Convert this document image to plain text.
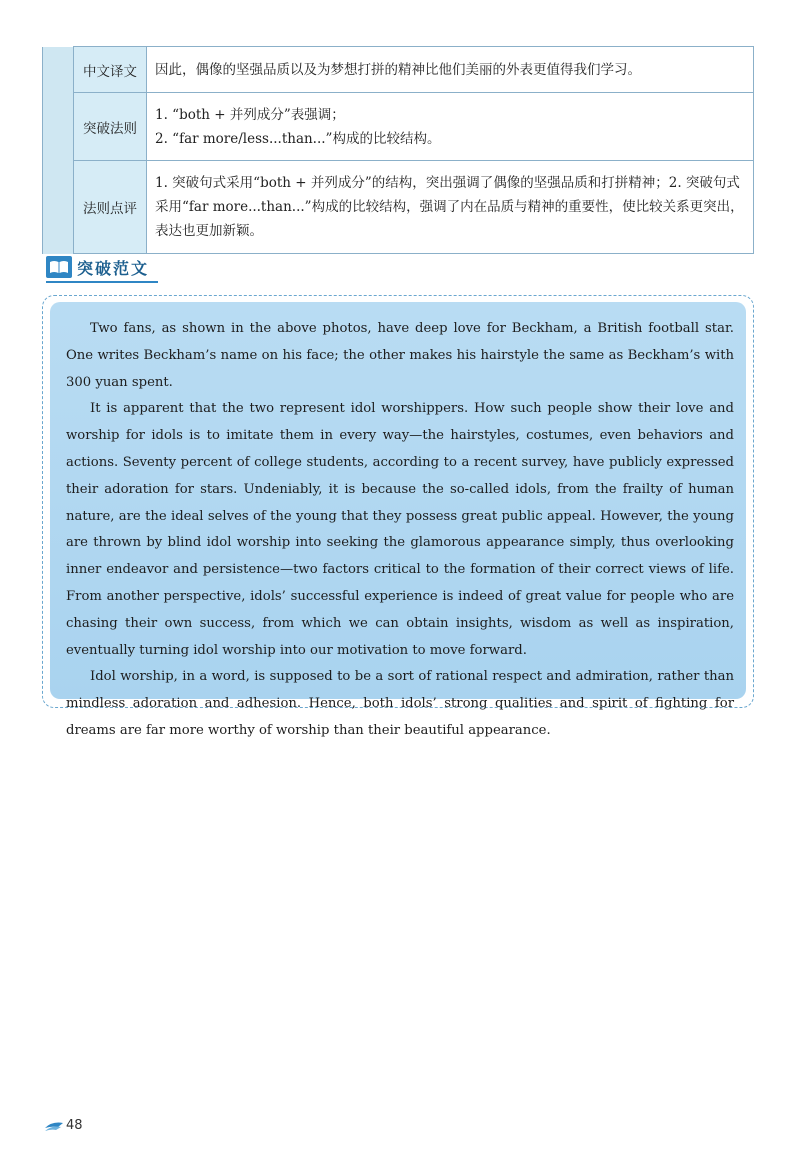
	中文译文	因此，偶像的坚强品质以及为梦想打拼的精神比他们美丽的外表更值得我们学习。

	突破法则	1. “both + 并列成分”表强调；
2. “far more/less...than...”构成的比较结构。

	法则点评	1. 突破句式采用“both + 并列成分”的结构，突出强调了偶像的坚强品质和打拼精神；2. 突破句式采用“far more...than...”构成的比较结构，强调了内在品质与精神的重要性，使比较关系更突出，表达也更加新颖。
突破范文

Two fans, as shown in the above photos, have deep love for Beckham, a British football star. One writes Beckham’s name on his face; the other makes his hairstyle the same as Beckham’s with 300 yuan spent.

It is apparent that the two represent idol worshippers. How such people show their love and worship for idols is to imitate them in every way—the hairstyles, costumes, even behaviors and actions. Seventy percent of college students, according to a recent survey, have publicly expressed their adoration for stars. Undeniably, it is because the so-called idols, from the frailty of human nature, are the ideal selves of the young that they possess great public appeal. However, the young are thrown by blind idol worship into seeking the glamorous appearance simply, thus overlooking inner endeavor and persistence—two factors critical to the formation of their correct views of life. From another perspective, idols’ successful experience is indeed of great value for people who are chasing their own success, from which we can obtain insights, wisdom as well as inspiration, eventually turning idol worship into our motivation to move forward.

Idol worship, in a word, is supposed to be a sort of rational respect and admiration, rather than mindless adoration and adhesion. Hence, both idols’ strong qualities and spirit of fighting for dreams are far more worthy of worship than their beautiful appearance.

48
